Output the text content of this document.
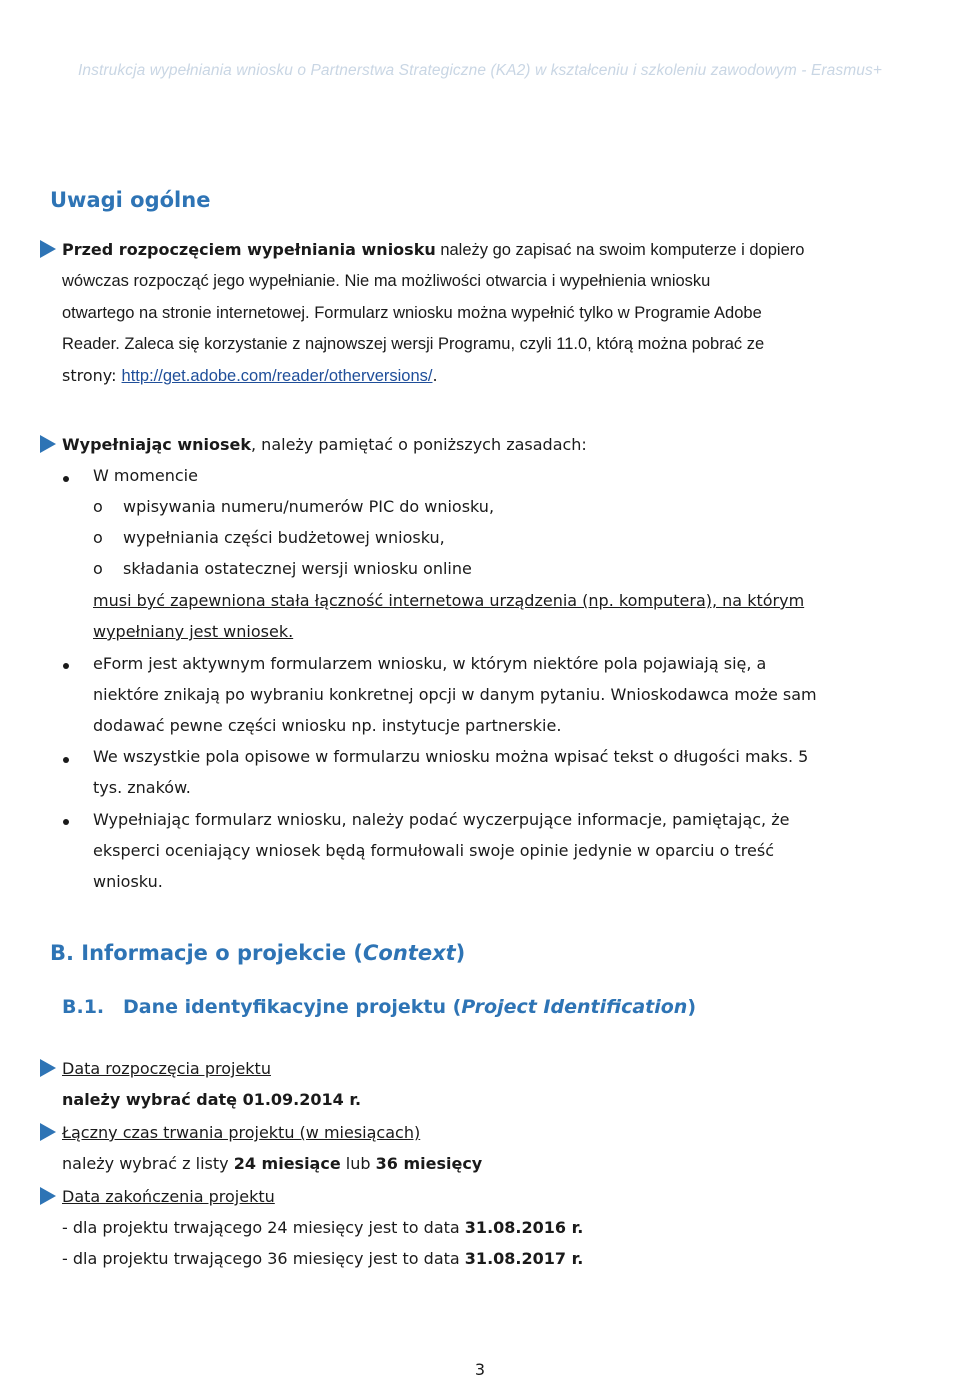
Instrukcja wypełniania wniosku o Partnerstwa Strategiczne (KA2) w kształceniu i szkoleniu zawodowym - Erasmus+
Uwagi ogólne
Przed rozpoczęciem wypełniania wniosku należy go zapisać na swoim komputerze i dopiero
wówczas rozpocząć jego wypełnianie. Nie ma możliwości otwarcia i wypełnienia wniosku
otwartego na stronie internetowej. Formularz wniosku można wypełnić tylko w Programie Adobe
Reader. Zaleca się korzystanie z najnowszej wersji Programu, czyli 11.0, którą można pobrać ze
strony: http://get.adobe.com/reader/otherversions/.
Wypełniając wniosek, należy pamiętać o poniższych zasadach:

W momencie

o wpisywania numeru/numerów PIC do wniosku,

o wypełniania części budżetowej wniosku,

o składania ostatecznej wersji wniosku online

musi być zapewniona stała łączność internetowa urządzenia (np. komputera), na którym

wypełniany jest wniosek.

eForm jest aktywnym formularzem wniosku, w którym niektóre pola pojawiają się, a

niektóre znikają po wybraniu konkretnej opcji w danym pytaniu. Wnioskodawca może sam

dodawać pewne części wniosku np. instytucje partnerskie.

We wszystkie pola opisowe w formularzu wniosku można wpisać tekst o długości maks. 5

tys. znaków.

Wypełniając formularz wniosku, należy podać wyczerpujące informacje, pamiętając, że

eksperci oceniający wniosek będą formułowali swoje opinie jedynie w oparciu o treść

wniosku.

B. Informacje o projekcie (Context)
B.1. Dane identyfikacyjne projektu (Project Identification)

Data rozpoczęcia projektu

należy wybrać datę 01.09.2014 r.

Łączny czas trwania projektu (w miesiącach)

należy wybrać z listy 24 miesiące lub 36 miesięcy

Data zakończenia projektu

- dla projektu trwającego 24 miesięcy jest to data 31.08.2016 r.

- dla projektu trwającego 36 miesięcy jest to data 31.08.2017 r.

3
